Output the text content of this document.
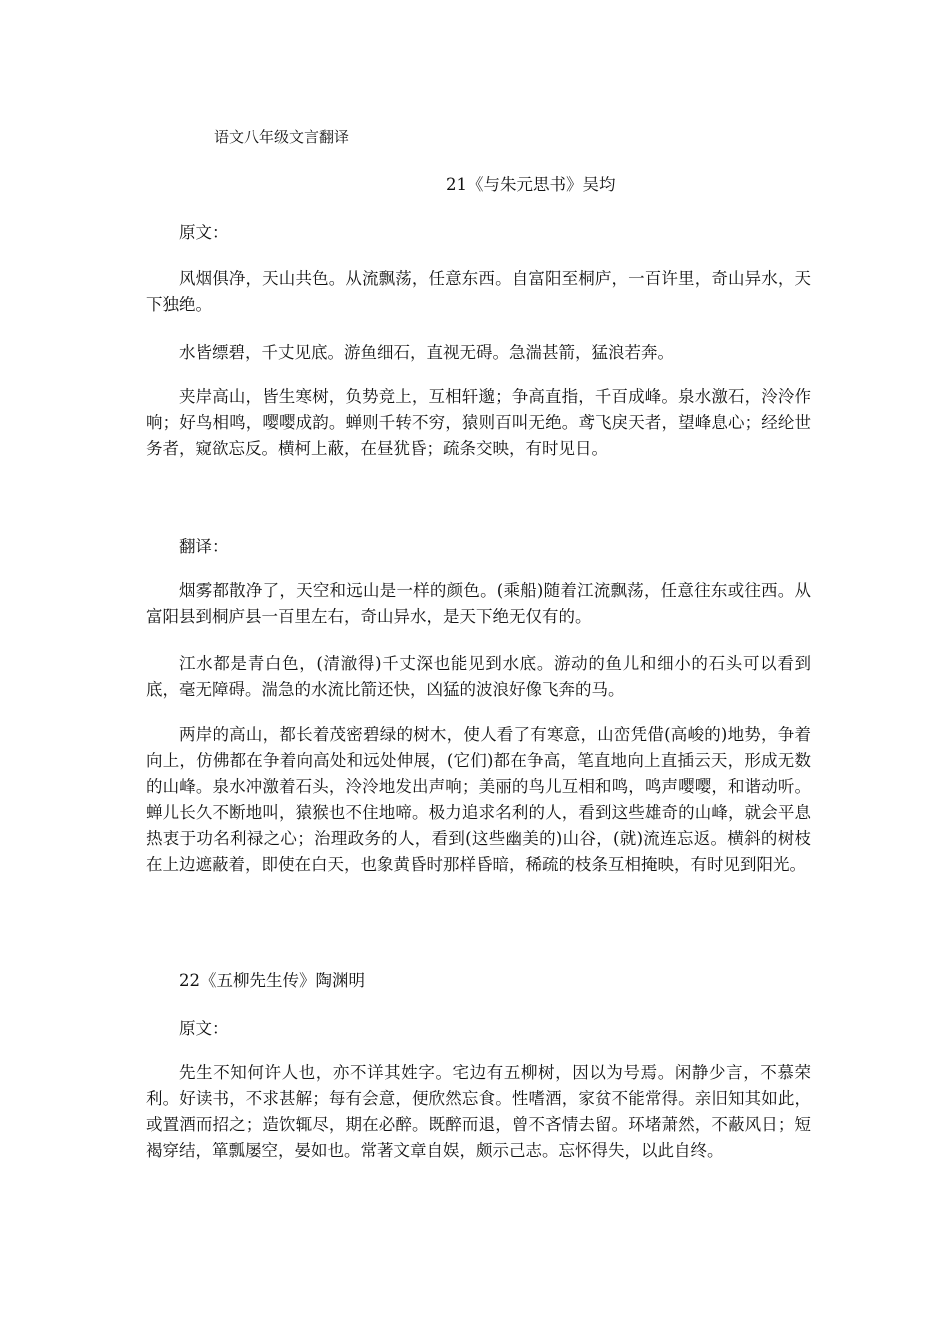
语文八年级文言翻译
21《与朱元思书》吴均
原文：
风烟俱净，天山共色。从流飘荡，任意东西。自富阳至桐庐，一百许里，奇山异水，天下独绝。
水皆缥碧，千丈见底。游鱼细石，直视无碍。急湍甚箭，猛浪若奔。
夹岸高山，皆生寒树，负势竞上，互相轩邈；争高直指，千百成峰。泉水激石，泠泠作响；好鸟相鸣，嘤嘤成韵。蝉则千转不穷，猿则百叫无绝。鸢飞戾天者，望峰息心；经纶世务者，窥欲忘反。横柯上蔽，在昼犹昏；疏条交映，有时见日。
翻译：
烟雾都散净了，天空和远山是一样的颜色。(乘船)随着江流飘荡，任意往东或往西。从富阳县到桐庐县一百里左右，奇山异水，是天下绝无仅有的。
江水都是青白色，(清澈得)千丈深也能见到水底。游动的鱼儿和细小的石头可以看到底，毫无障碍。湍急的水流比箭还快，凶猛的波浪好像飞奔的马。
两岸的高山，都长着茂密碧绿的树木，使人看了有寒意，山峦凭借(高峻的)地势，争着向上，仿佛都在争着向高处和远处伸展，(它们)都在争高，笔直地向上直插云天，形成无数的山峰。泉水冲激着石头，泠泠地发出声响；美丽的鸟儿互相和鸣，鸣声嘤嘤，和谐动听。蝉儿长久不断地叫，猿猴也不住地啼。极力追求名利的人，看到这些雄奇的山峰，就会平息热衷于功名利禄之心；治理政务的人，看到(这些幽美的)山谷，(就)流连忘返。横斜的树枝在上边遮蔽着，即使在白天，也象黄昏时那样昏暗，稀疏的枝条互相掩映，有时见到阳光。
22《五柳先生传》陶渊明
原文：
先生不知何许人也，亦不详其姓字。宅边有五柳树，因以为号焉。闲静少言，不慕荣利。好读书，不求甚解；每有会意，便欣然忘食。性嗜酒，家贫不能常得。亲旧知其如此，或置酒而招之；造饮辄尽，期在必醉。既醉而退，曾不吝情去留。环堵萧然，不蔽风日；短褐穿结，箪瓢屡空，晏如也。常著文章自娱，颇示己志。忘怀得失，以此自终。
